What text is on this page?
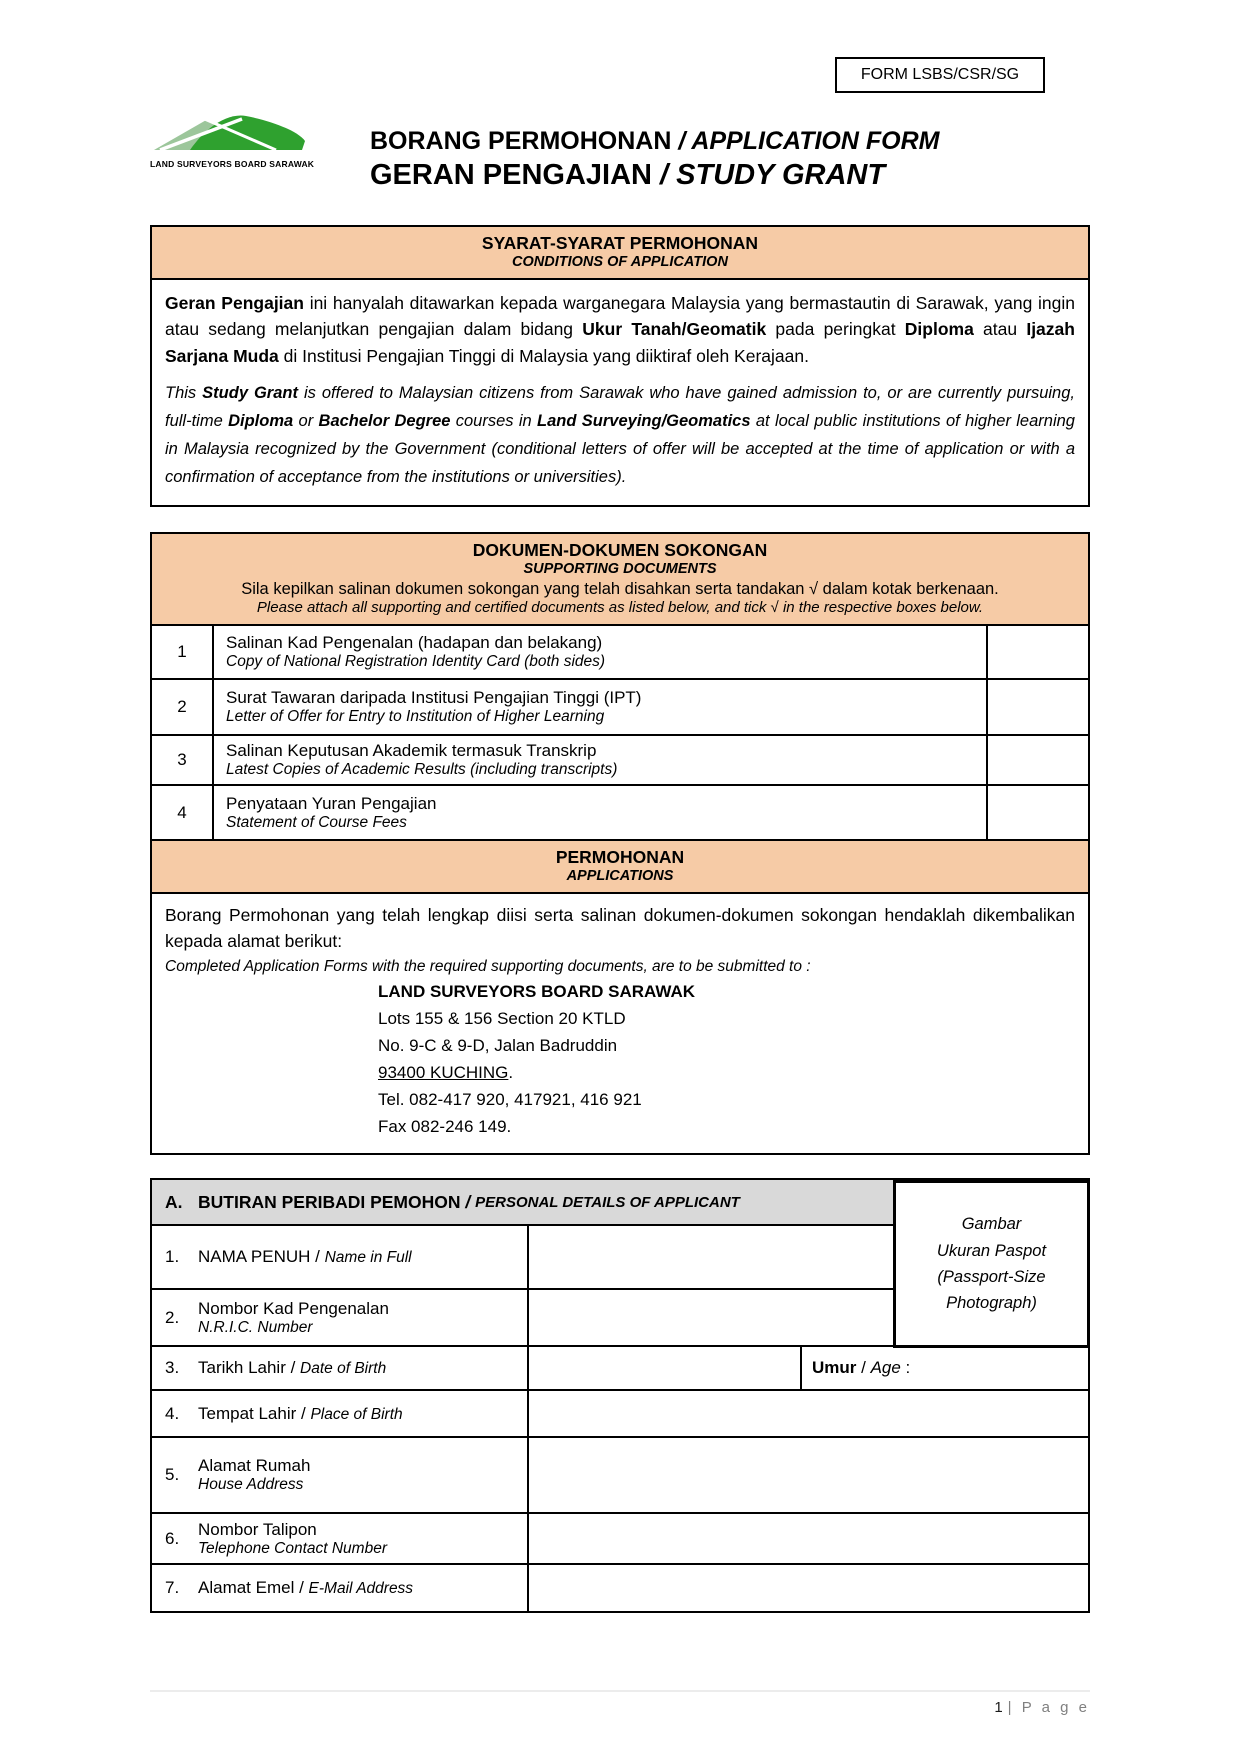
FORM LSBS/CSR/SG
LAND SURVEYORS BOARD SARAWAK
BORANG PERMOHONAN / APPLICATION FORM
GERAN PENGAJIAN / STUDY GRANT
SYARAT-SYARAT PERMOHONAN
CONDITIONS OF APPLICATION
Geran Pengajian ini hanyalah ditawarkan kepada warganegara Malaysia yang bermastautin di Sarawak, yang ingin atau sedang melanjutkan pengajian dalam bidang Ukur Tanah/Geomatik pada peringkat Diploma atau Ijazah Sarjana Muda di Institusi Pengajian Tinggi di Malaysia yang diiktiraf oleh Kerajaan.
This Study Grant is offered to Malaysian citizens from Sarawak who have gained admission to, or are currently pursuing, full-time Diploma or Bachelor Degree courses in Land Surveying/Geomatics at local public institutions of higher learning in Malaysia recognized by the Government (conditional letters of offer will be accepted at the time of application or with a confirmation of acceptance from the institutions or universities).
DOKUMEN-DOKUMEN SOKONGAN
SUPPORTING DOCUMENTS
Sila kepilkan salinan dokumen sokongan yang telah disahkan serta tandakan √ dalam kotak berkenaan.
Please attach all supporting and certified documents as listed below, and tick √ in the respective boxes below.
1	Salinan Kad Pengenalan (hadapan dan belakang)
Copy of National Registration Identity Card (both sides)
2	Surat Tawaran daripada Institusi Pengajian Tinggi (IPT)
Letter of Offer for Entry to Institution of Higher Learning
3	Salinan Keputusan Akademik termasuk Transkrip
Latest Copies of Academic Results (including transcripts)
4	Penyataan Yuran Pengajian
Statement of Course Fees
PERMOHONAN
APPLICATIONS
Borang Permohonan yang telah lengkap diisi serta salinan dokumen-dokumen sokongan hendaklah dikembalikan kepada alamat berikut:
Completed Application Forms with the required supporting documents, are to be submitted to :
LAND SURVEYORS BOARD SARAWAK
Lots 155 & 156 Section 20 KTLD
No. 9-C & 9-D, Jalan Badruddin
93400 KUCHING.
Tel. 082-417 920, 417921, 416 921
Fax 082-246 149.
A. BUTIRAN PERIBADI PEMOHON / PERSONAL DETAILS OF APPLICANT
1.	NAMA PENUH / Name in Full
2.	Nombor Kad Pengenalan
N.R.I.C. Number
3.	Tarikh Lahir / Date of Birth	Umur / Age :
4.	Tempat Lahir / Place of Birth
5.	Alamat Rumah
House Address
6.	Nombor Talipon
Telephone Contact Number
7.	Alamat Emel / E-Mail Address
Gambar
Ukuran Paspot
(Passport-Size
Photograph)
1 | P a g e
